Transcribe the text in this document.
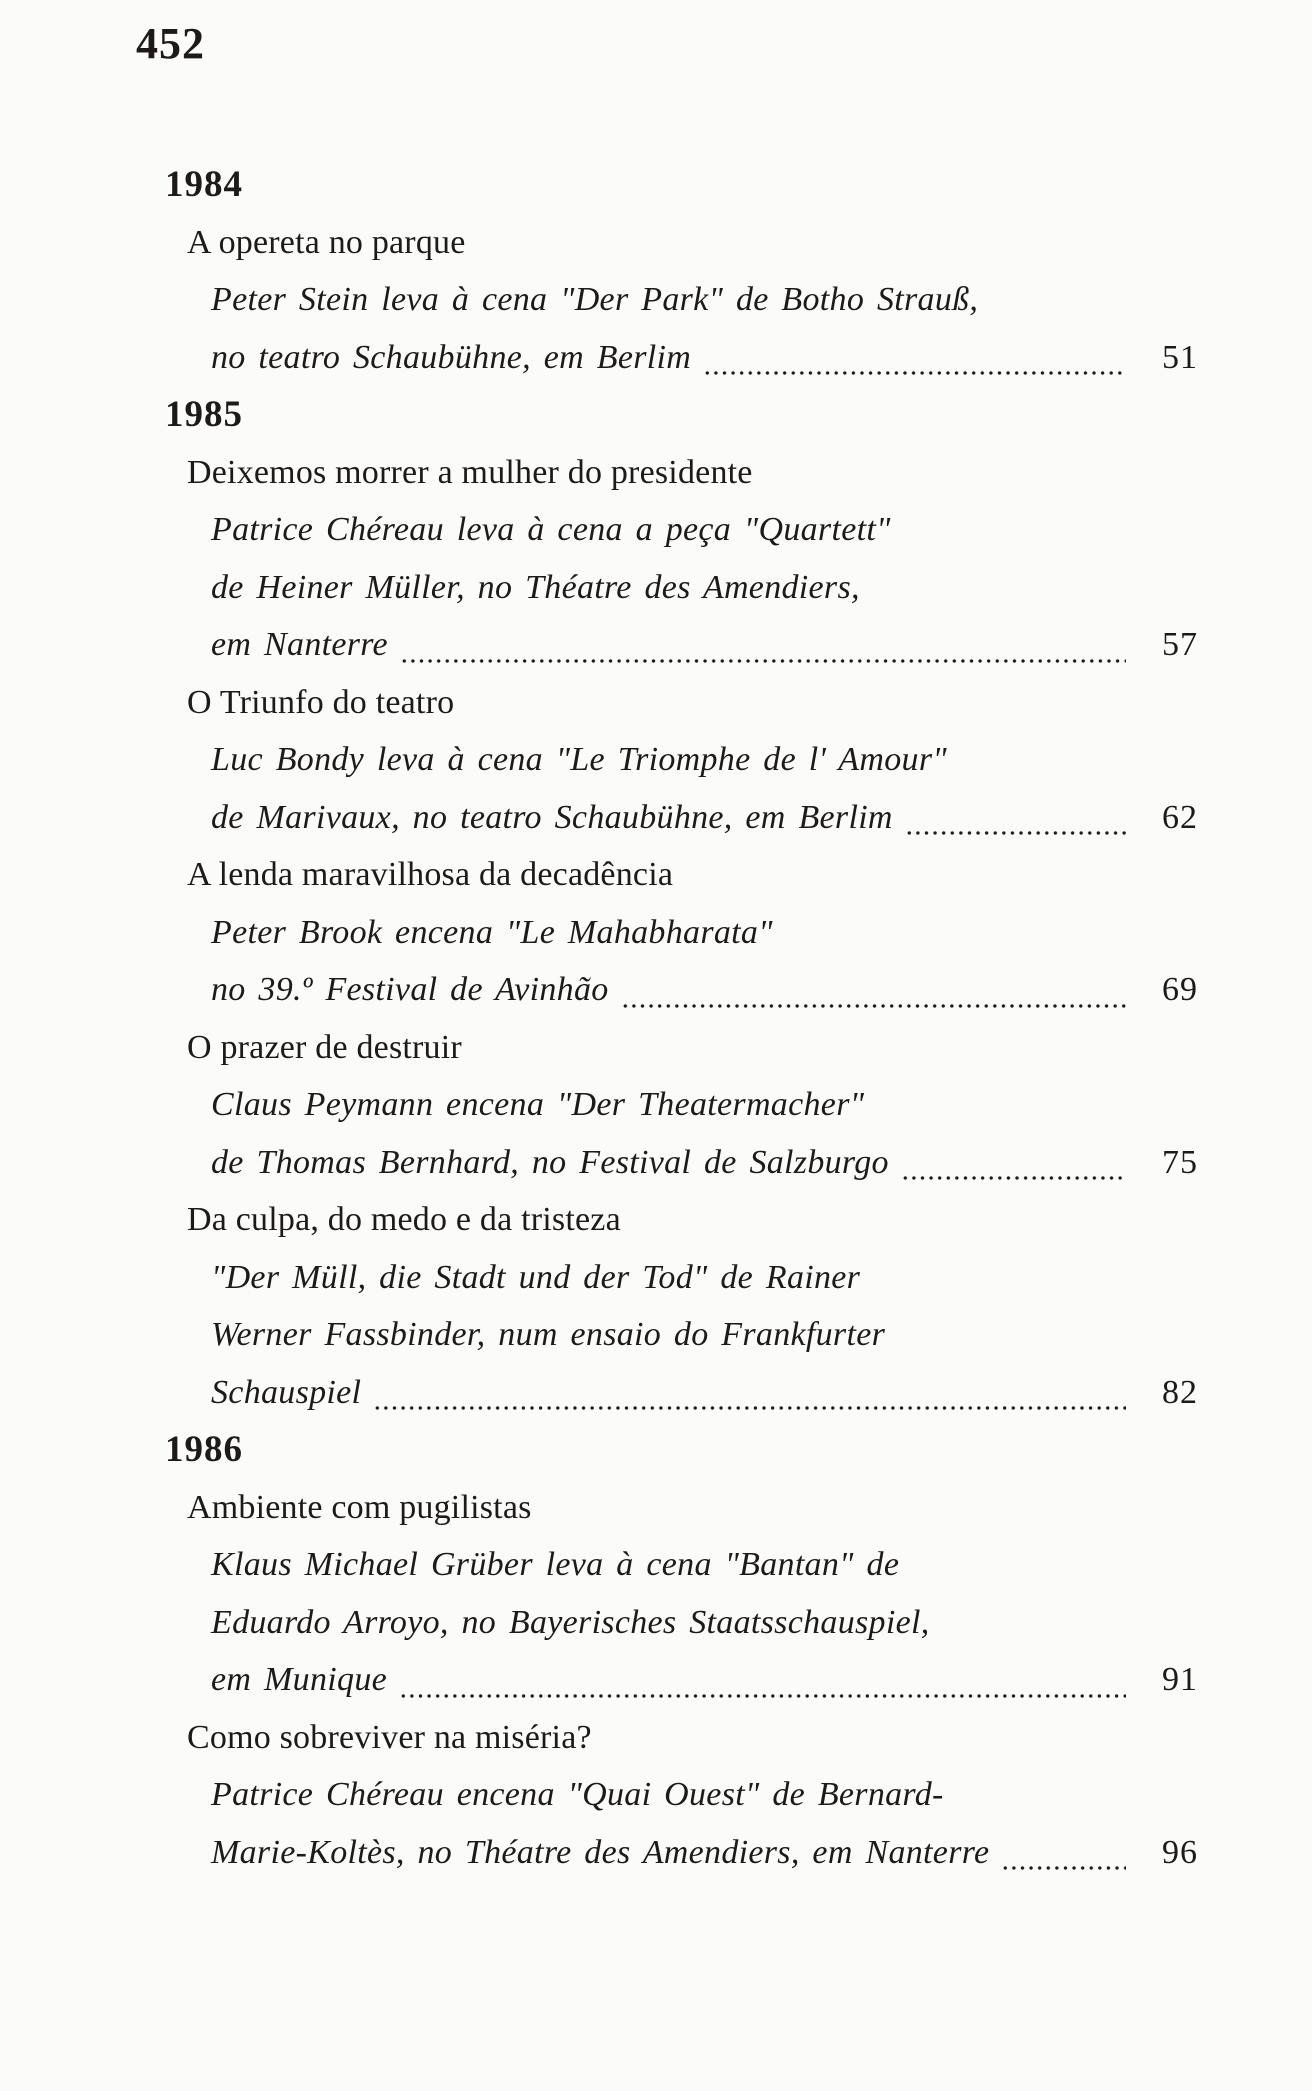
452
1984
A opereta no parque
Peter Stein leva à cena "Der Park" de Botho Strauß,
no teatro Schaubühne, em Berlim	51
1985
Deixemos morrer a mulher do presidente
Patrice Chéreau leva à cena a peça "Quartett"
de Heiner Müller, no Théatre des Amendiers,
em Nanterre	57
O Triunfo do teatro
Luc Bondy leva à cena "Le Triomphe de l' Amour"
de Marivaux, no teatro Schaubühne, em Berlim	62
A lenda maravilhosa da decadência
Peter Brook encena "Le Mahabharata"
no 39.º Festival de Avinhão	69
O prazer de destruir
Claus Peymann encena "Der Theatermacher"
de Thomas Bernhard, no Festival de Salzburgo	75
Da culpa, do medo e da tristeza
"Der Müll, die Stadt und der Tod" de Rainer
Werner Fassbinder, num ensaio do Frankfurter
Schauspiel	82
1986
Ambiente com pugilistas
Klaus Michael Grüber leva à cena "Bantan" de
Eduardo Arroyo, no Bayerisches Staatsschauspiel,
em Munique	91
Como sobreviver na miséria?
Patrice Chéreau encena "Quai Ouest" de Bernard-
Marie-Koltès, no Théatre des Amendiers, em Nanterre	96
